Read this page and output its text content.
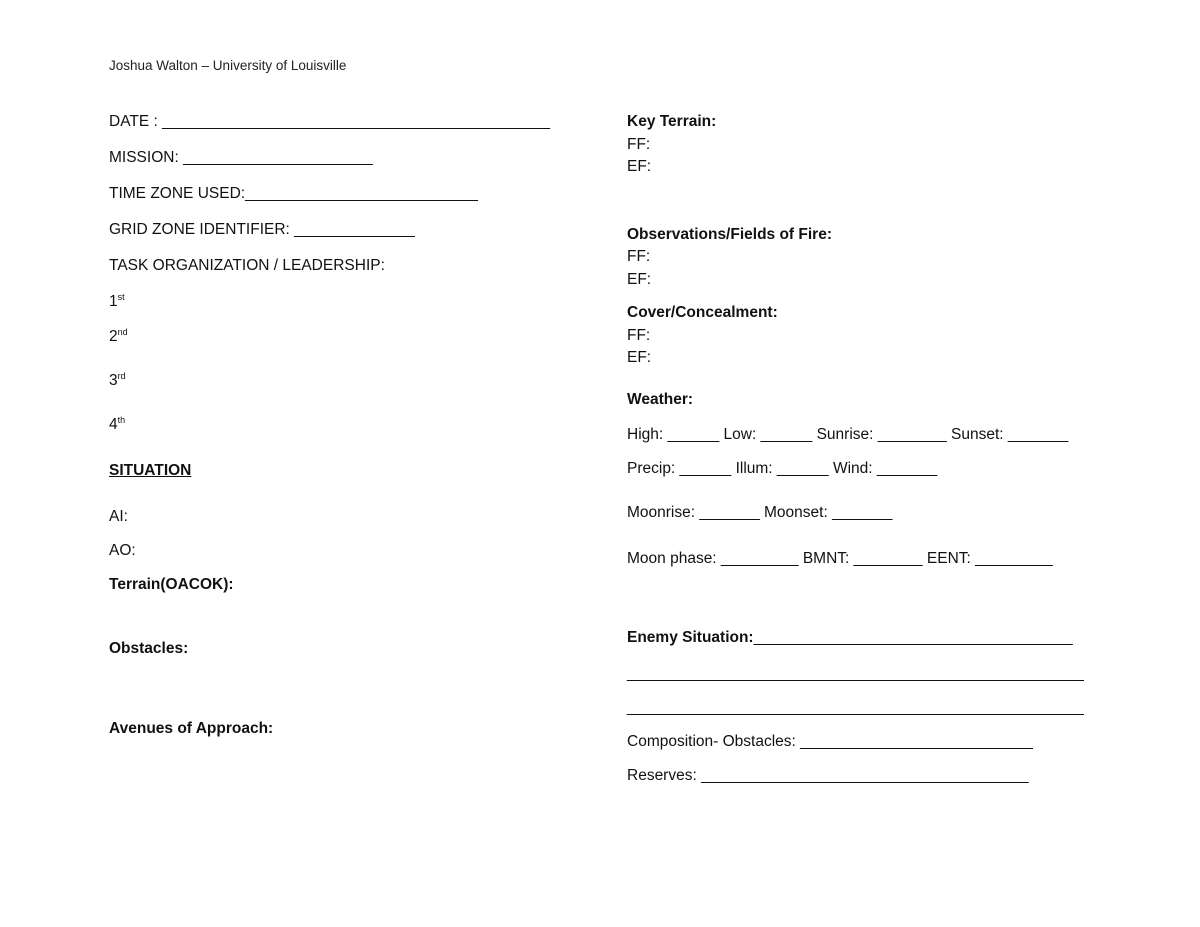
Joshua Walton – University of Louisville
DATE : _____________________________________________
MISSION: ______________________
TIME ZONE USED:___________________________
GRID ZONE IDENTIFIER: ______________
TASK ORGANIZATION / LEADERSHIP:
1st
2nd
3rd
4th
SITUATION
AI:
AO:
Terrain(OACOK):
Obstacles:
Avenues of Approach:
Key Terrain:
FF:
EF:
Observations/Fields of Fire:
FF:
EF:
Cover/Concealment:
FF:
EF:
Weather:
High: ______ Low: ______ Sunrise: ________ Sunset: _______
Precip: ______ Illum: ______ Wind: _______
Moonrise: _______ Moonset: _______
Moon phase: _________ BMNT: ________ EENT: _________
Enemy Situation:_____________________________________
_____________________________________________________
_____________________________________________________
Composition- Obstacles: ___________________________
Reserves: ______________________________________
